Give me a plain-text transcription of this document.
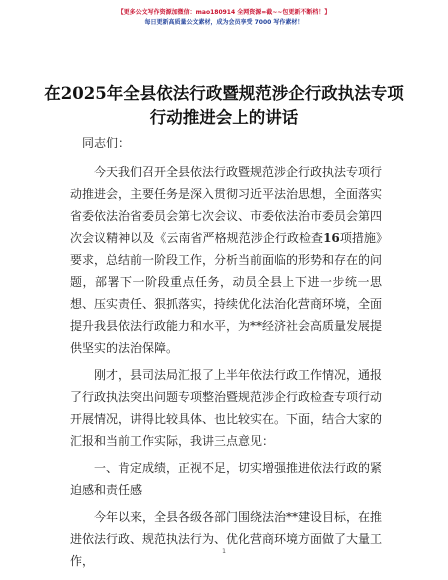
【更多公文写作资源加微信：mao180914 全网资源=截~~包更新不断档！】
每日更新高质量公文素材，成为会员享受 7000 写作素材！
在2025年全县依法行政暨规范涉企行政执法专项行动推进会上的讲话

同志们：

今天我们召开全县依法行政暨规范涉企行政执法专项行动推进会，主要任务是深入贯彻习近平法治思想，全面落实省委依法治省委员会第七次会议、市委依法治市委员会第四次会议精神以及《云南省严格规范涉企行政检查16项措施》要求，总结前一阶段工作，分析当前面临的形势和存在的问题，部署下一阶段重点任务，动员全县上下进一步统一思想、压实责任、狠抓落实，持续优化法治化营商环境，全面提升我县依法行政能力和水平，为**经济社会高质量发展提供坚实的法治保障。

刚才，县司法局汇报了上半年依法行政工作情况，通报了行政执法突出问题专项整治暨规范涉企行政检查专项行动开展情况，讲得比较具体、也比较实在。下面，结合大家的汇报和当前工作实际，我讲三点意见：

一、肯定成绩，正视不足，切实增强推进依法行政的紧迫感和责任感

今年以来，全县各级各部门围绕法治**建设目标，在推进依法行政、规范执法行为、优化营商环境方面做了大量工作，

1
